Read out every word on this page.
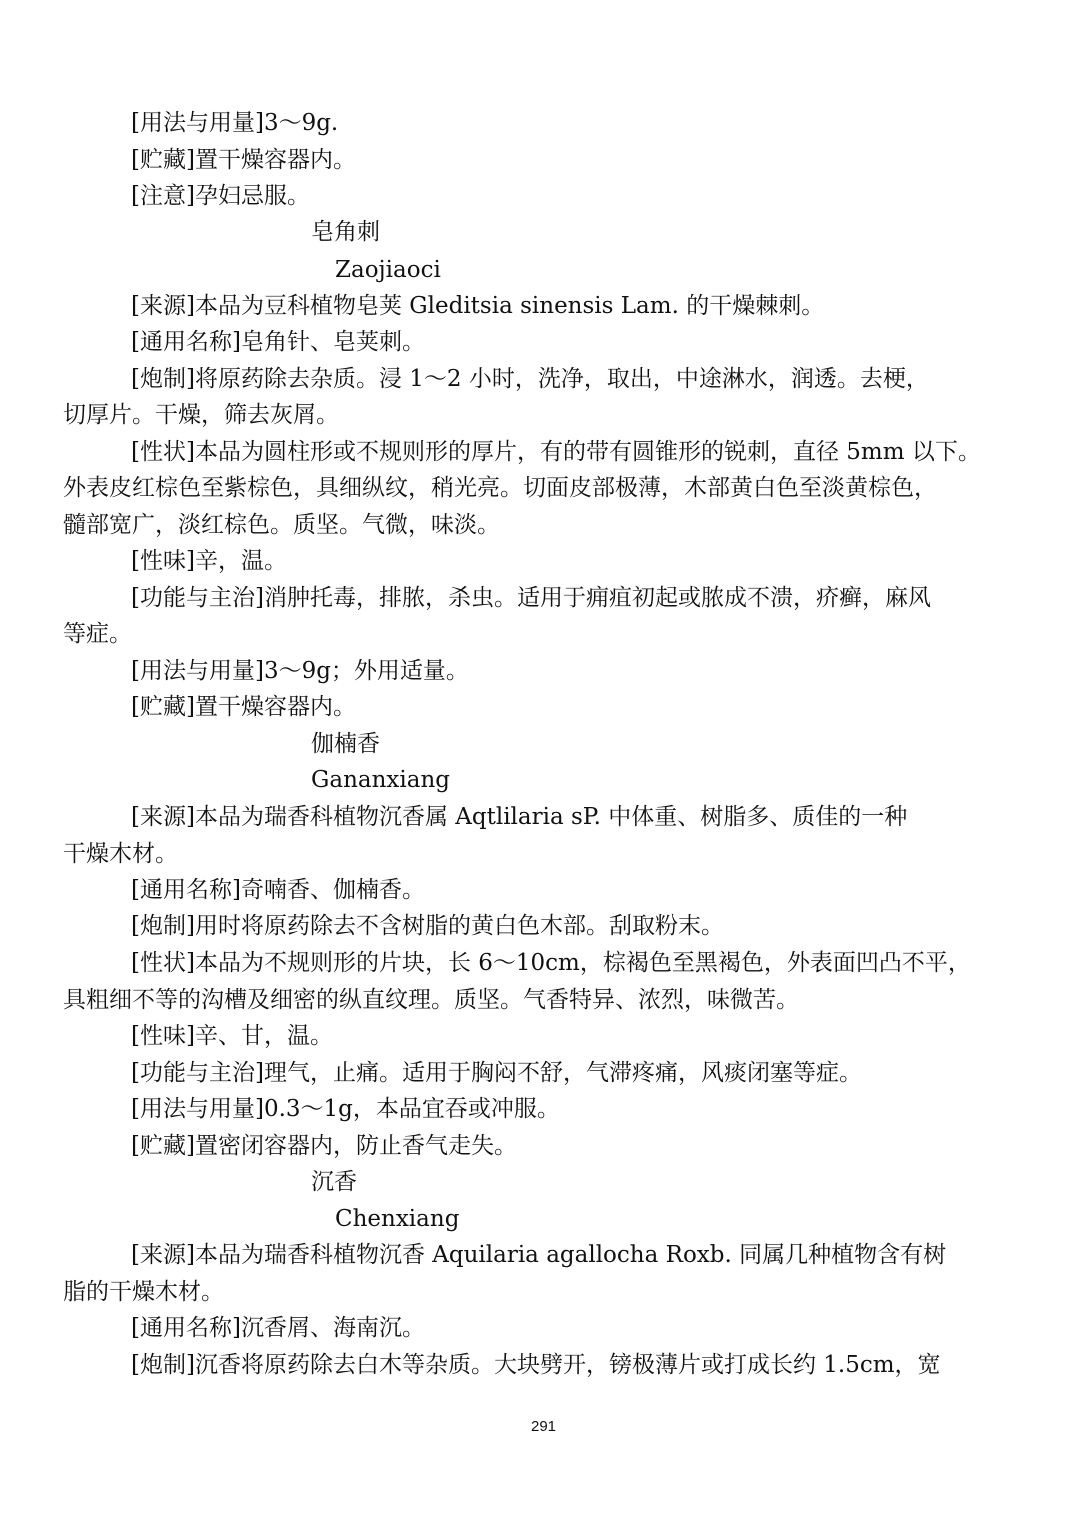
[用法与用量]3～9g.
[贮藏]置干燥容器内。
[注意]孕妇忌服。
皂角刺
Zaojiaoci
[来源]本品为豆科植物皂荚 Gleditsia sinensis Lam. 的干燥棘刺。
[通用名称]皂角针、皂荚刺。
[炮制]将原药除去杂质。浸 1～2 小时，洗净，取出，中途淋水，润透。去梗，
切厚片。干燥，筛去灰屑。
[性状]本品为圆柱形或不规则形的厚片，有的带有圆锥形的锐刺，直径 5mm 以下。
外表皮红棕色至紫棕色，具细纵纹，稍光亮。切面皮部极薄，木部黄白色至淡黄棕色，
髓部宽广，淡红棕色。质坚。气微，味淡。
[性味]辛，温。
[功能与主治]消肿托毒，排脓，杀虫。适用于痈疽初起或脓成不溃，疥癣，麻风
等症。
[用法与用量]3～9g；外用适量。
[贮藏]置干燥容器内。
伽楠香
Gananxiang
[来源]本品为瑞香科植物沉香属 Aqtlilaria sP. 中体重、树脂多、质佳的一种
干燥木材。
[通用名称]奇喃香、伽楠香。
[炮制]用时将原药除去不含树脂的黄白色木部。刮取粉末。
[性状]本品为不规则形的片块，长 6～10cm，棕褐色至黑褐色，外表面凹凸不平，
具粗细不等的沟槽及细密的纵直纹理。质坚。气香特异、浓烈，味微苦。
[性味]辛、甘，温。
[功能与主治]理气，止痛。适用于胸闷不舒，气滞疼痛，风痰闭塞等症。
[用法与用量]0.3～1g，本品宜吞或冲服。
[贮藏]置密闭容器内，防止香气走失。
沉香
Chenxiang
[来源]本品为瑞香科植物沉香 Aquilaria agallocha Roxb. 同属几种植物含有树
脂的干燥木材。
[通用名称]沉香屑、海南沉。
[炮制]沉香将原药除去白木等杂质。大块劈开，镑极薄片或打成长约 1.5cm，宽
291
